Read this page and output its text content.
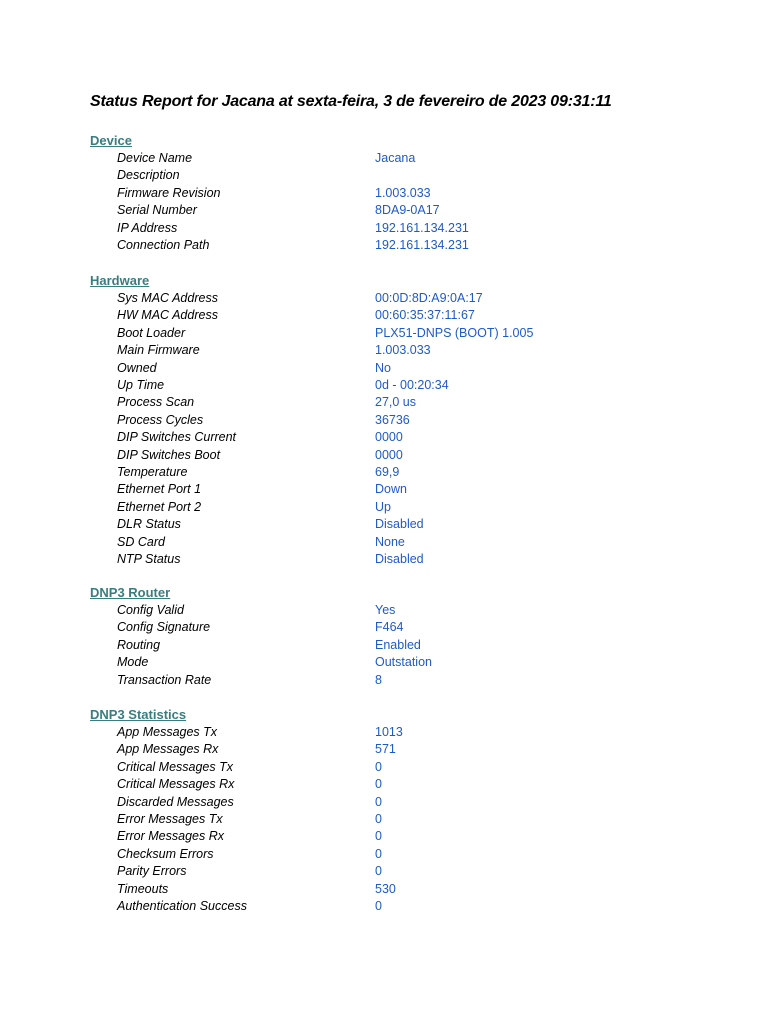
Status Report for Jacana at sexta-feira, 3 de fevereiro de 2023 09:31:11
Device
Device Name	Jacana
Description
Firmware Revision	1.003.033
Serial Number	8DA9-0A17
IP Address	192.161.134.231
Connection Path	192.161.134.231
Hardware
Sys MAC Address	00:0D:8D:A9:0A:17
HW MAC Address	00:60:35:37:11:67
Boot Loader	PLX51-DNPS (BOOT) 1.005
Main Firmware	1.003.033
Owned	No
Up Time	0d - 00:20:34
Process Scan	27,0 us
Process Cycles	36736
DIP Switches Current	0000
DIP Switches Boot	0000
Temperature	69,9
Ethernet Port 1	Down
Ethernet Port 2	Up
DLR Status	Disabled
SD Card	None
NTP Status	Disabled
DNP3 Router
Config Valid	Yes
Config Signature	F464
Routing	Enabled
Mode	Outstation
Transaction Rate	8
DNP3 Statistics
App Messages Tx	1013
App Messages Rx	571
Critical Messages Tx	0
Critical Messages Rx	0
Discarded Messages	0
Error Messages Tx	0
Error Messages Rx	0
Checksum Errors	0
Parity Errors	0
Timeouts	530
Authentication Success	0
